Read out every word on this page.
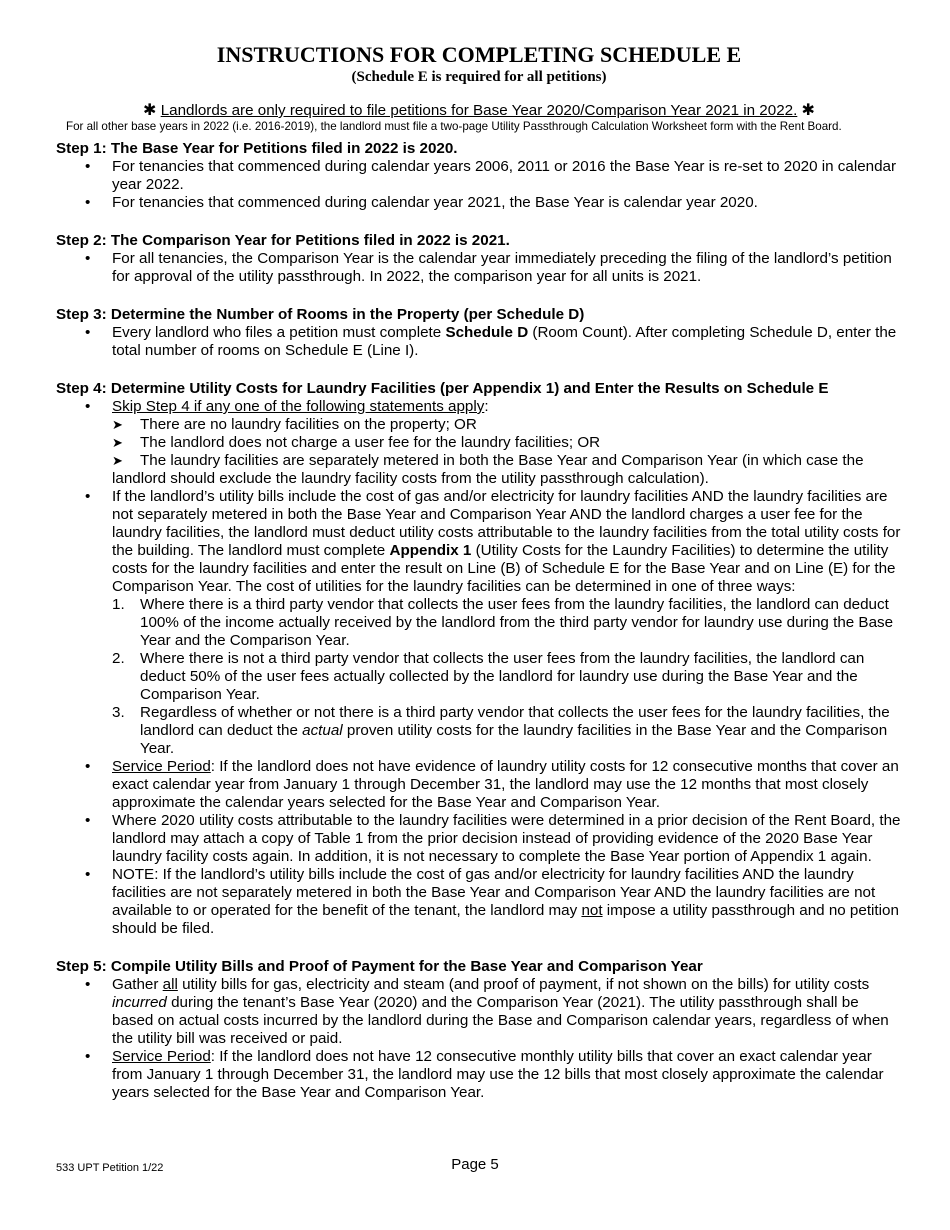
INSTRUCTIONS FOR COMPLETING SCHEDULE E

(Schedule E is required for all petitions)

✱ Landlords are only required to file petitions for Base Year 2020/Comparison Year 2021 in 2022. ✱

For all other base years in 2022 (i.e. 2016-2019), the landlord must file a two-page Utility Passthrough Calculation Worksheet form with the Rent Board.

Step 1: The Base Year for Petitions filed in 2022 is 2020.

• For tenancies that commenced during calendar years 2006, 2011 or 2016 the Base Year is re-set to 2020 in calendar year 2022.
• For tenancies that commenced during calendar year 2021, the Base Year is calendar year 2020.

Step 2: The Comparison Year for Petitions filed in 2022 is 2021.

• For all tenancies, the Comparison Year is the calendar year immediately preceding the filing of the landlord’s petition for approval of the utility passthrough. In 2022, the comparison year for all units is 2021.

Step 3: Determine the Number of Rooms in the Property (per Schedule D)

• Every landlord who files a petition must complete Schedule D (Room Count). After completing Schedule D, enter the total number of rooms on Schedule E (Line I).

Step 4: Determine Utility Costs for Laundry Facilities (per Appendix 1) and Enter the Results on Schedule E

• Skip Step 4 if any one of the following statements apply:
➤ There are no laundry facilities on the property; OR
➤ The landlord does not charge a user fee for the laundry facilities; OR
➤ The laundry facilities are separately metered in both the Base Year and Comparison Year (in which case the landlord should exclude the laundry facility costs from the utility passthrough calculation).
• If the landlord’s utility bills include the cost of gas and/or electricity for laundry facilities AND the laundry facilities are not separately metered in both the Base Year and Comparison Year AND the landlord charges a user fee for the laundry facilities, the landlord must deduct utility costs attributable to the laundry facilities from the total utility costs for the building. The landlord must complete Appendix 1 (Utility Costs for the Laundry Facilities) to determine the utility costs for the laundry facilities and enter the result on Line (B) of Schedule E for the Base Year and on Line (E) for the Comparison Year. The cost of utilities for the laundry facilities can be determined in one of three ways:
1. Where there is a third party vendor that collects the user fees from the laundry facilities, the landlord can deduct 100% of the income actually received by the landlord from the third party vendor for laundry use during the Base Year and the Comparison Year.
2. Where there is not a third party vendor that collects the user fees from the laundry facilities, the landlord can deduct 50% of the user fees actually collected by the landlord for laundry use during the Base Year and the Comparison Year.
3. Regardless of whether or not there is a third party vendor that collects the user fees for the laundry facilities, the landlord can deduct the actual proven utility costs for the laundry facilities in the Base Year and the Comparison Year.
• Service Period: If the landlord does not have evidence of laundry utility costs for 12 consecutive months that cover an exact calendar year from January 1 through December 31, the landlord may use the 12 months that most closely approximate the calendar years selected for the Base Year and Comparison Year.
• Where 2020 utility costs attributable to the laundry facilities were determined in a prior decision of the Rent Board, the landlord may attach a copy of Table 1 from the prior decision instead of providing evidence of the 2020 Base Year laundry facility costs again. In addition, it is not necessary to complete the Base Year portion of Appendix 1 again.
• NOTE: If the landlord’s utility bills include the cost of gas and/or electricity for laundry facilities AND the laundry facilities are not separately metered in both the Base Year and Comparison Year AND the laundry facilities are not available to or operated for the benefit of the tenant, the landlord may not impose a utility passthrough and no petition should be filed.

Step 5: Compile Utility Bills and Proof of Payment for the Base Year and Comparison Year

• Gather all utility bills for gas, electricity and steam (and proof of payment, if not shown on the bills) for utility costs incurred during the tenant’s Base Year (2020) and the Comparison Year (2021). The utility passthrough shall be based on actual costs incurred by the landlord during the Base and Comparison calendar years, regardless of when the utility bill was received or paid.
• Service Period: If the landlord does not have 12 consecutive monthly utility bills that cover an exact calendar year from January 1 through December 31, the landlord may use the 12 bills that most closely approximate the calendar years selected for the Base Year and Comparison Year.
533 UPT Petition 1/22	Page 5
